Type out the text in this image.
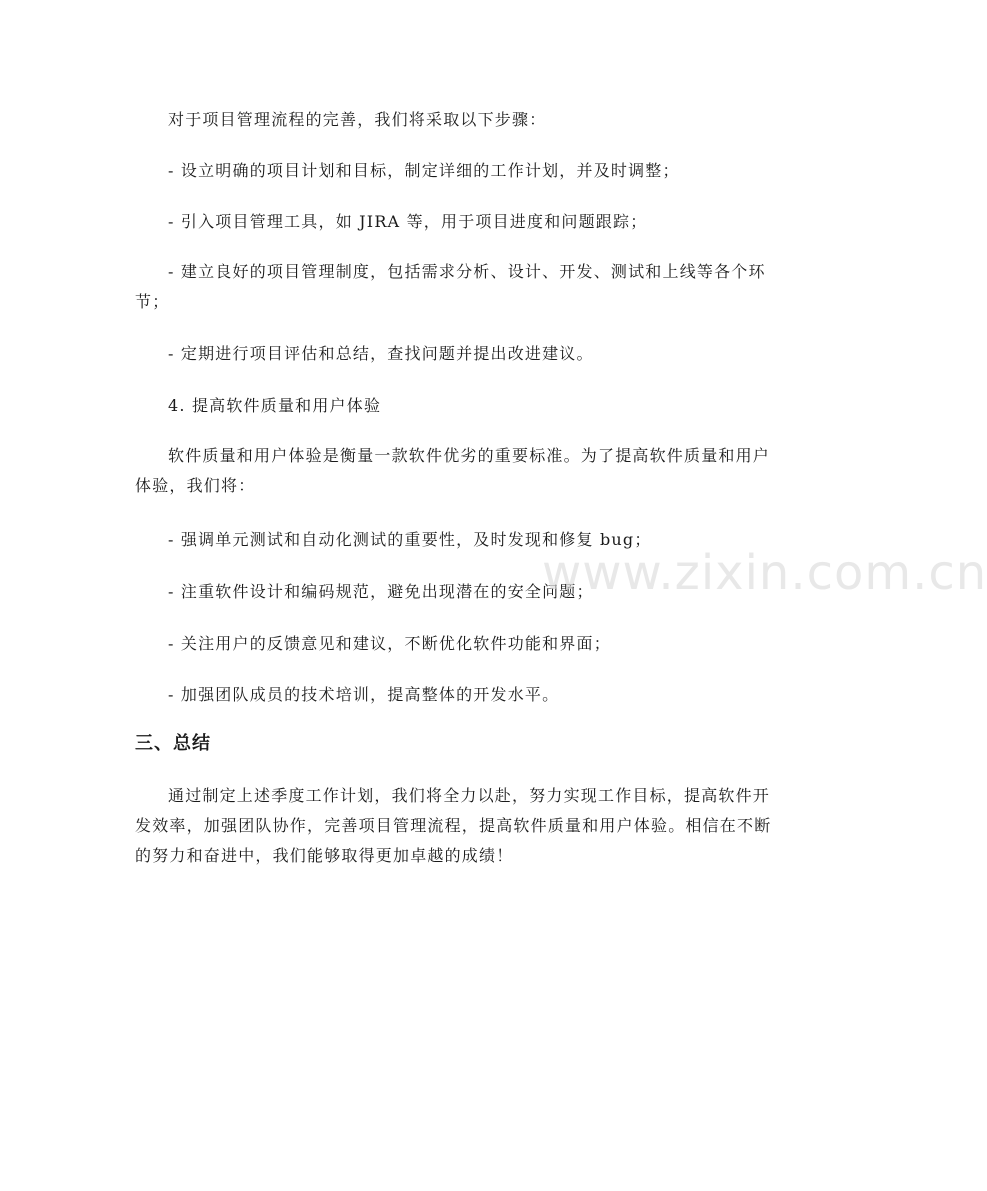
对于项目管理流程的完善，我们将采取以下步骤：

- 设立明确的项目计划和目标，制定详细的工作计划，并及时调整；

- 引入项目管理工具，如 JIRA 等，用于项目进度和问题跟踪；

- 建立良好的项目管理制度，包括需求分析、设计、开发、测试和上线等各个环节；

- 定期进行项目评估和总结，查找问题并提出改进建议。

4. 提高软件质量和用户体验

软件质量和用户体验是衡量一款软件优劣的重要标准。为了提高软件质量和用户体验，我们将：

- 强调单元测试和自动化测试的重要性，及时发现和修复 bug；

- 注重软件设计和编码规范，避免出现潜在的安全问题；

- 关注用户的反馈意见和建议，不断优化软件功能和界面；

- 加强团队成员的技术培训，提高整体的开发水平。

三、总结

通过制定上述季度工作计划，我们将全力以赴，努力实现工作目标，提高软件开发效率，加强团队协作，完善项目管理流程，提高软件质量和用户体验。相信在不断的努力和奋进中，我们能够取得更加卓越的成绩！

www.zixin.com.cn
